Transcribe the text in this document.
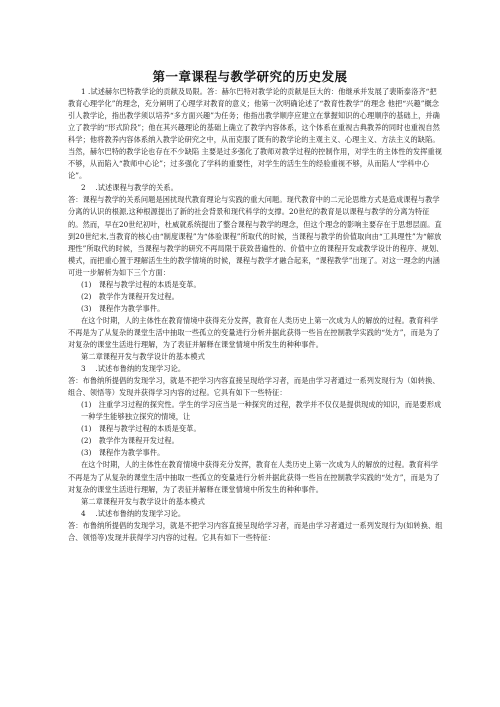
第一章课程与教学研究的历史发展

1 .试述赫尔巴特教学论的贡献及局限。答：赫尔巴特对教学论的贡献是巨大的：他继承并发展了裴斯泰洛齐“把教育心理学化”的理念，充分阐明了心理学对教育的意义；他第一次明确论述了“教育性教学”的理念 他把“兴趣”概念引人教学论，指出教学须以培养“多方面兴趣”为任务；他指出教学顺序应建立在掌握知识的心理顺序的基础上，并确立了教学的“形式阶段”；他在其兴趣理论的基础上确立了教学内容体系，这个体系在重视古典教养的同时也重视自然科学；他将教养内容体系纳入教学论研究之中，从而克服了既有的教学论的主观主义、心理主义、方法主义的缺陷。当然，赫尔巴特的教学论也存在不少缺陷 主要是过多强化了教师对教学过程的控制作用，对学生的主体性的发挥重视不够，从而陷入“教师中心论”；过多强化了学科的重要性，对学生的活生生的经验重视不够，从而陷人“学科中心论”。

2　 .试述课程与教学的关系。

答：课程与教学的关系问题是困扰现代教育理论与实践的重大问题。现代教育中的二元论思维方式是造成课程与教学分离的认识的根源,这种根源提出了新的社会背景和现代科学的支撑。20世纪的教育是以课程与教学的分离为特征的。然而，早在20世纪初叶，杜威就系统提出了整合课程与教学的理念，但这个理念的影响主要存在于思想层面。直到20世纪末,当教育的核心由“制度课程”为“体验课程”所取代的时候，当课程与教学的价值取向由“工具理性”为“解放理性”所取代的时候，当课程与教学的研究不再局限于获致普遍性的、价值中立的课程开发或教学设计的程序、规划、模式，而把重心置于理解活生生的教学情境的时候，课程与教学才融合起来，“课程教学”出现了。对这一理念的内涵可进一步解析为如下三个方面：

(1)　课程与教学过程的本质是变革。

(2)　教学作为课程开发过程。

(3)　课程作为教学事件。

在这个时期，人的主体性在教育情境中获得充分发挥，教育在人类历史上第一次成为人的解放的过程。教育科学不再是为了从复杂的课堂生活中抽取一些孤立的变量进行分析并据此获得一些旨在控制教学实践的“处方”，而是为了对复杂的课堂生活进行理解，为了表征并解释在课堂情境中所发生的种种事件。

第二章课程开发与教学设计的基本模式

3　 .试述布鲁纳的发现学习论。

答：布鲁纳所提倡的发现学习，就是不把学习内容直接呈现给学习者，而是由学习者通过一系列发现行为（如转换、组合、领悟等）发现并获得学习内容的过程。它具有如下一些特征：

(1)　注重学习过程的探究性。学生的学习应当是一种探究的过程，教学并不仅仅是提供现成的知识，而是要形成一种学生能够独立探究的情境，让

(1)　课程与教学过程的本质是变革。

(2)　教学作为课程开发过程。

(3)　课程作为教学事件。

在这个时期，人的主体性在教育情境中获得充分发挥，教育在人类历史上第一次成为人的解放的过程。教育科学不再是为了从复杂的课堂生活中抽取一些孤立的变量进行分析并据此获得一些旨在控制教学实践的“处方”，而是为了对复杂的课堂生活进行理解，为了表征并解释在课堂情境中所发生的种种事件。

第二章课程开发与教学设计的基本模式

4　 .试述布鲁纳的发现学习论。

答：布鲁纳所提倡的发现学习，就是不把学习内容直接呈现给学习者，而是由学习者通过一系列发现行为(如转换、组合、领悟等)发现并获得学习内容的过程。它具有如下一些特征：
